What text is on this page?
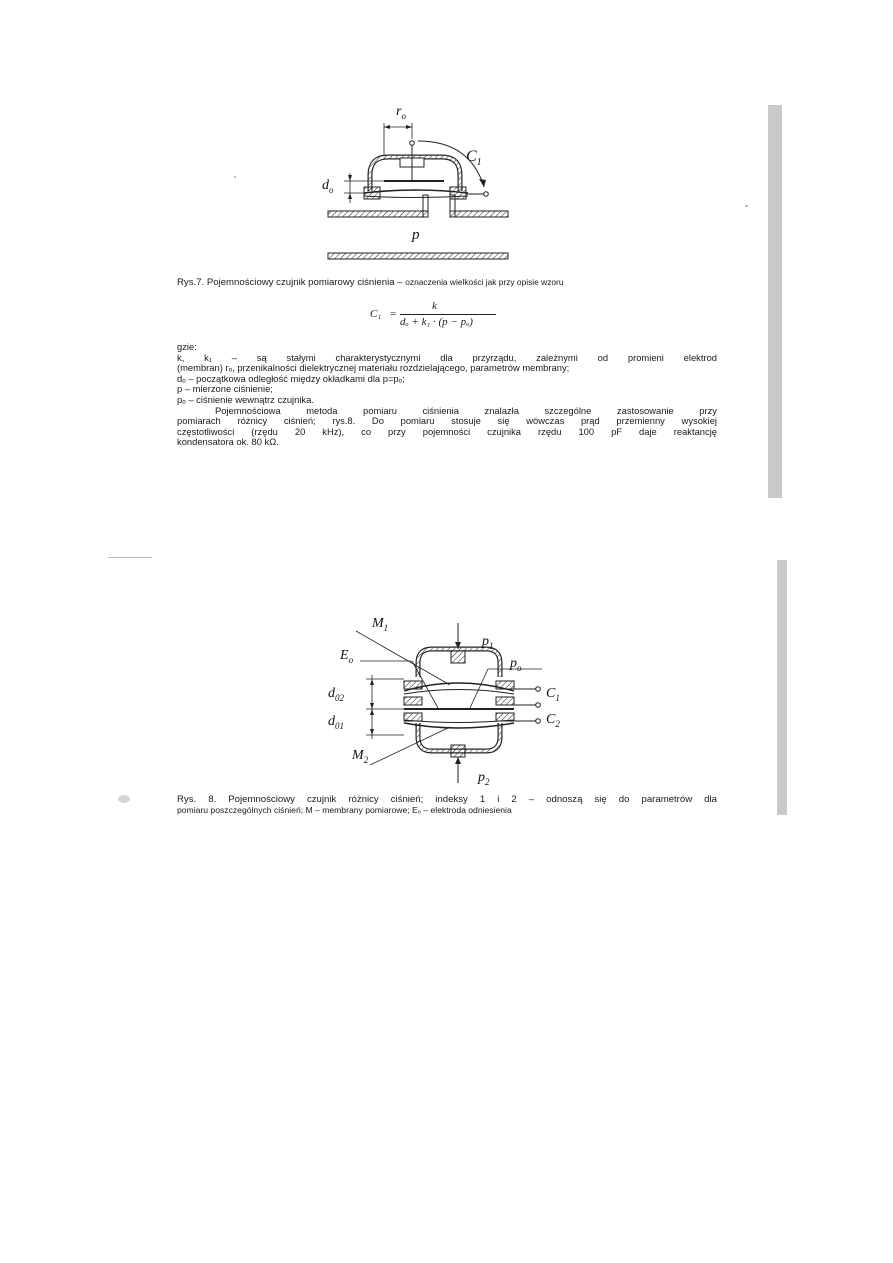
$r_o$
$C_1$
$d_o$
p
Rys.7. Pojemnościowy czujnik pomiarowy ciśnienia – oznaczenia wielkości jak przy opisie wzoru
C₁ =
k
dₒ + k₁ · (p − pₒ)
gzie:
k, k₁ – są stałymi charakterystycznymi dla przyrządu, zależnymi od promieni elektrod
(membran) rₒ, przenikalności dielektrycznej materiału rozdzielającego, parametrów membrany;
dₒ – początkowa odległość między okładkami dla p=pₒ;
p – mierzone ciśnienie;
pₒ – ciśnienie wewnątrz czujnika.
Pojemnościowa metoda pomiaru ciśnienia znalazła szczególne zastosowanie przy
pomiarach różnicy ciśnień; rys.8. Do pomiaru stosuje się wówczas prąd przemienny wysokiej
częstotliwości (rzędu 20 kHz), co przy pojemności czujnika rzędu 100 pF daje reaktancję
kondensatora ok. 80 kΩ.
$M_1$
$p_1$
$E_o$	$p_o$
$d_{02}$
$d_{01}$
$C_1$
$C_2$
$M_2$
$p_2$
Rys. 8. Pojemnościowy czujnik różnicy ciśnień; indeksy 1 i 2 – odnoszą się do parametrów dla
pomiaru poszczególnych ciśnień; M – membrany pomiarowe; Eₒ – elektroda odniesienia
